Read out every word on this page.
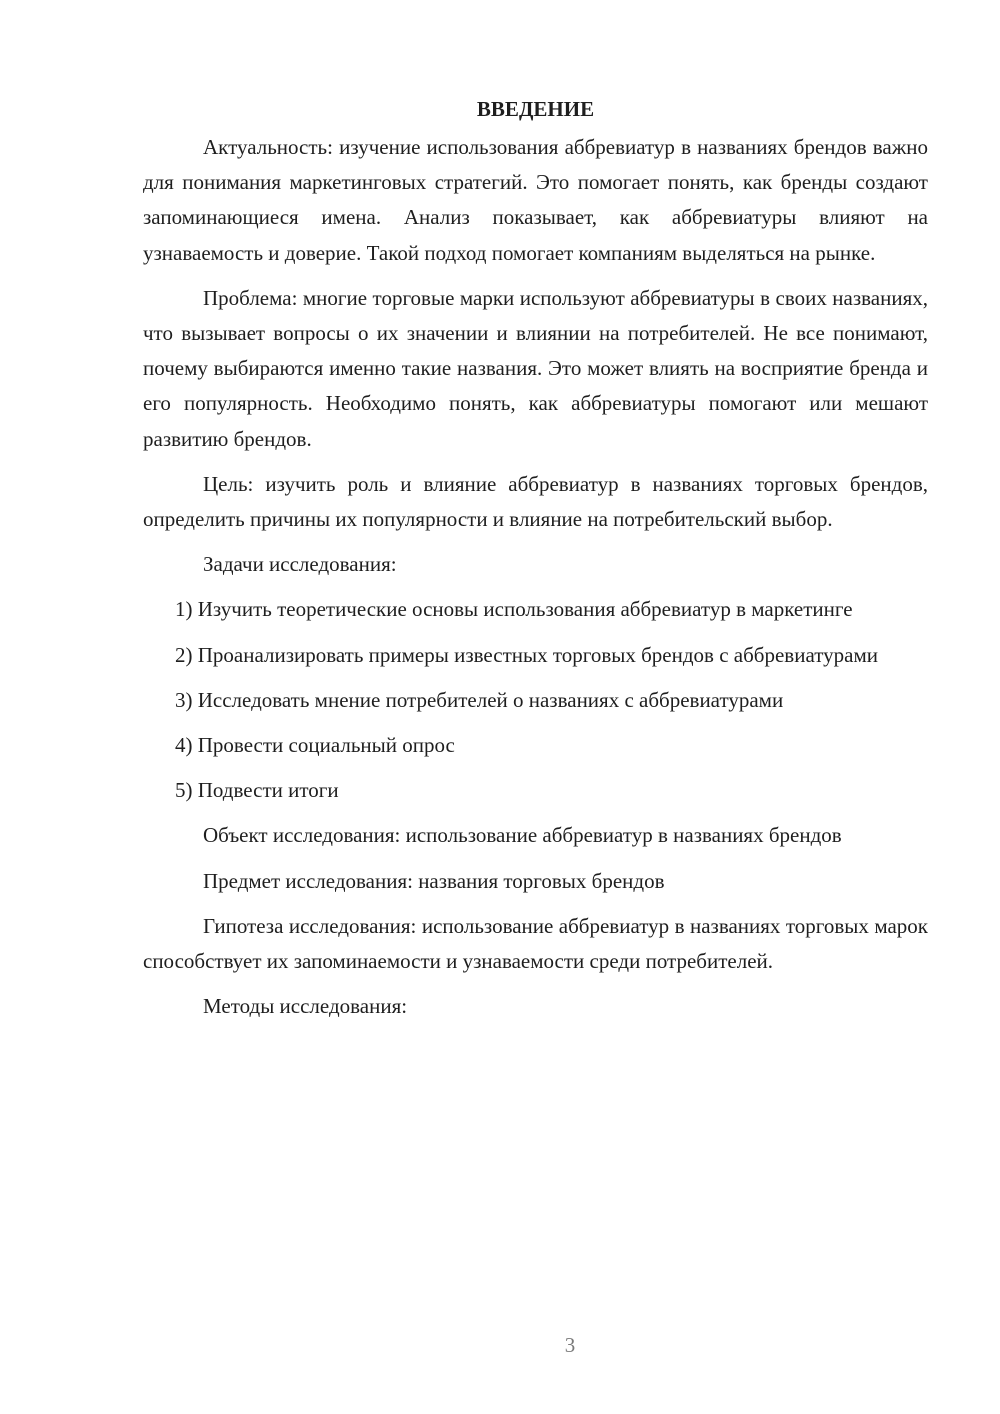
ВВЕДЕНИЕ

Актуальность: изучение использования аббревиатур в названиях брендов важно для понимания маркетинговых стратегий. Это помогает понять, как бренды создают запоминающиеся имена. Анализ показывает, как аббревиатуры влияют на узнаваемость и доверие. Такой подход помогает компаниям выделяться на рынке.

Проблема: многие торговые марки используют аббревиатуры в своих названиях, что вызывает вопросы о их значении и влиянии на потребителей. Не все понимают, почему выбираются именно такие названия. Это может влиять на восприятие бренда и его популярность. Необходимо понять, как аббревиатуры помогают или мешают развитию брендов.

Цель: изучить роль и влияние аббревиатур в названиях торговых брендов, определить причины их популярности и влияние на потребительский выбор.

Задачи исследования:

1) Изучить теоретические основы использования аббревиатур в маркетинге

2) Проанализировать примеры известных торговых брендов с аббревиатурами

3) Исследовать мнение потребителей о названиях с аббревиатурами

4) Провести социальный опрос

5) Подвести итоги

Объект исследования: использование аббревиатур в названиях брендов

Предмет исследования: названия торговых брендов

Гипотеза исследования: использование аббревиатур в названиях торговых марок способствует их запоминаемости и узнаваемости среди потребителей.

Методы исследования:

3
